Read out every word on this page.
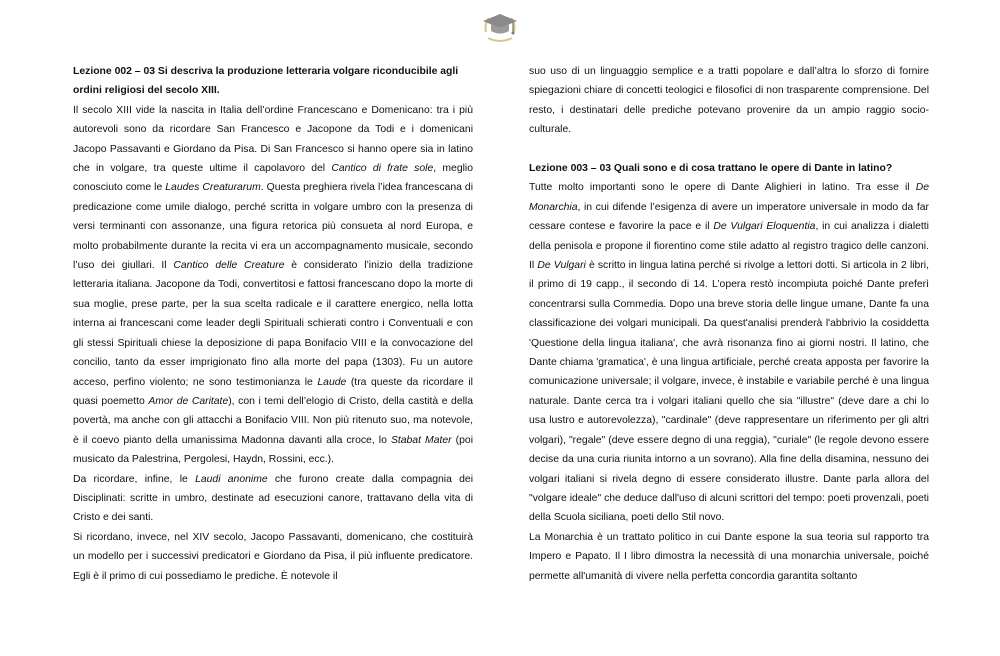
Lezione 002 – 03 Si descriva la produzione letteraria volgare riconducibile agli ordini religiosi del secolo XIII.

Il secolo XIII vide la nascita in Italia dell’ordine Francescano e Domenicano: tra i più autorevoli sono da ricordare San Francesco e Jacopone da Todi e i domenicani Jacopo Passavanti e Giordano da Pisa. Di San Francesco si hanno opere sia in latino che in volgare, tra queste ultime il capolavoro del Cantico di frate sole, meglio conosciuto come le Laudes Creaturarum. Questa preghiera rivela l’idea francescana di predicazione come umile dialogo, perché scritta in volgare umbro con la presenza di versi terminanti con assonanze, una figura retorica più consueta al nord Europa, e molto probabilmente durante la recita vi era un accompagnamento musicale, secondo l’uso dei giullari. Il Cantico delle Creature è considerato l’inizio della tradizione letteraria italiana. Jacopone da Todi, convertitosi e fattosi francescano dopo la morte di sua moglie, prese parte, per la sua scelta radicale e il carattere energico, nella lotta interna ai francescani come leader degli Spirituali schierati contro i Conventuali e con gli stessi Spirituali chiese la deposizione di papa Bonifacio VIII e la convocazione del concilio, tanto da esser imprigionato fino alla morte del papa (1303). Fu un autore acceso, perfino violento; ne sono testimonianza le Laude (tra queste da ricordare il quasi poemetto Amor de Caritate), con i temi dell’elogio di Cristo, della castità e della povertà, ma anche con gli attacchi a Bonifacio VIII. Non più ritenuto suo, ma notevole, è il coevo pianto della umanissima Madonna davanti alla croce, lo Stabat Mater (poi musicato da Palestrina, Pergolesi, Haydn, Rossini, ecc.).

Da ricordare, infine, le Laudi anonime che furono create dalla compagnia dei Disciplinati: scritte in umbro, destinate ad esecuzioni canore, trattavano della vita di Cristo e dei santi.

Si ricordano, invece, nel XIV secolo, Jacopo Passavanti, domenicano, che costituirà un modello per i successivi predicatori e Giordano da Pisa, il più influente predicatore. Egli è il primo di cui possediamo le prediche. È notevole il

suo uso di un linguaggio semplice e a tratti popolare e dall’altra lo sforzo di fornire spiegazioni chiare di concetti teologici e filosofici di non trasparente comprensione. Del resto, i destinatari delle prediche potevano provenire da un ampio raggio socio-culturale.

Lezione 003 – 03 Quali sono e di cosa trattano le opere di Dante in latino?

Tutte molto importanti sono le opere di Dante Alighieri in latino. Tra esse il De Monarchia, in cui difende l’esigenza di avere un imperatore universale in modo da far cessare contese e favorire la pace e il De Vulgari Eloquentia, in cui analizza i dialetti della penisola e propone il fiorentino come stile adatto al registro tragico delle canzoni. Il De Vulgari è scritto in lingua latina perché si rivolge a lettori dotti. Si articola in 2 libri, il primo di 19 capp., il secondo di 14. L’opera restò incompiuta poiché Dante preferì concentrarsi sulla Commedia. Dopo una breve storia delle lingue umane, Dante fa una classificazione dei volgari municipali. Da quest'analisi prenderà l'abbrivio la cosiddetta 'Questione della lingua italiana', che avrà risonanza fino ai giorni nostri. Il latino, che Dante chiama 'gramatica', è una lingua artificiale, perché creata apposta per favorire la comunicazione universale; il volgare, invece, è instabile e variabile perché è una lingua naturale. Dante cerca tra i volgari italiani quello che sia "illustre" (deve dare a chi lo usa lustro e autorevolezza), "cardinale" (deve rappresentare un riferimento per gli altri volgari), "regale" (deve essere degno di una reggia), "curiale" (le regole devono essere decise da una curia riunita intorno a un sovrano). Alla fine della disamina, nessuno dei volgari italiani si rivela degno di essere considerato illustre. Dante parla allora del "volgare ideale" che deduce dall'uso di alcuni scrittori del tempo: poeti provenzali, poeti della Scuola siciliana, poeti dello Stil novo.

La Monarchia è un trattato politico in cui Dante espone la sua teoria sul rapporto tra Impero e Papato. Il I libro dimostra la necessità di una monarchia universale, poiché permette all'umanità di vivere nella perfetta concordia garantita soltanto
